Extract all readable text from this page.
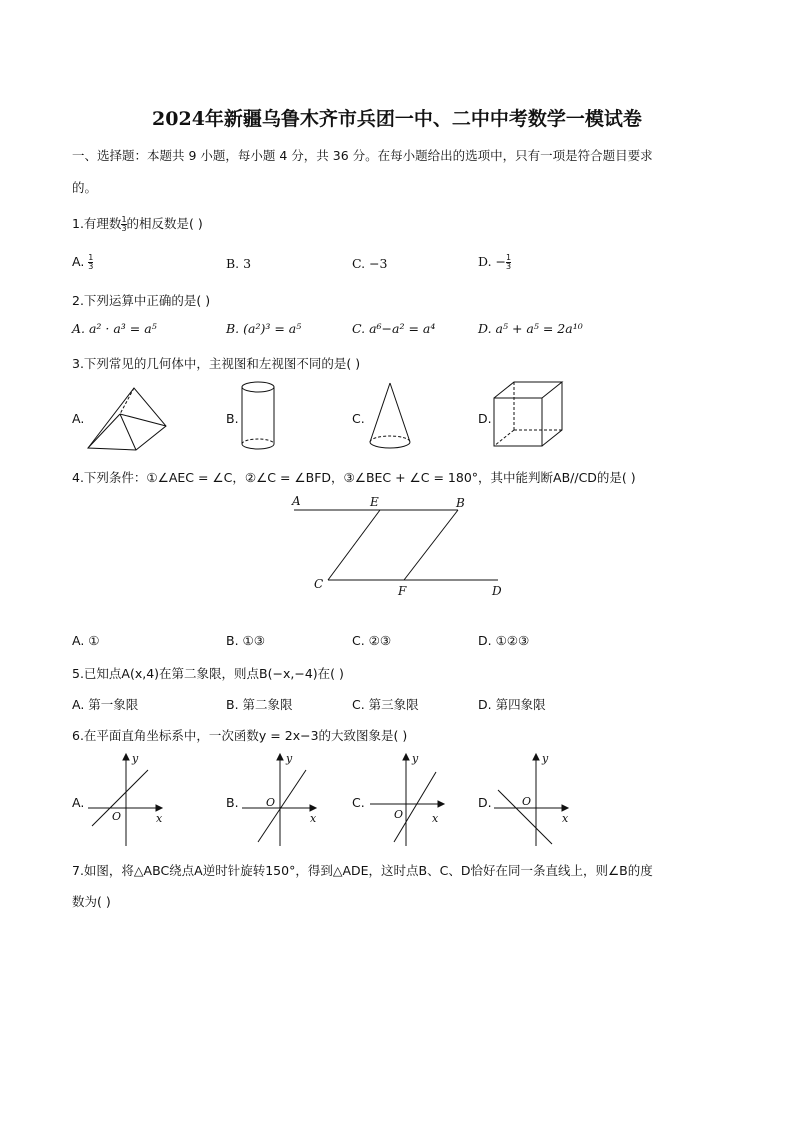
2024年新疆乌鲁木齐市兵团一中、二中中考数学一模试卷
一、选择题：本题共 9 小题，每小题 4 分，共 36 分。在每小题给出的选项中，只有一项是符合题目要求
的。
1.有理数 $\frac{1}{3}$ 的相反数是( )
A. $\frac{1}{3}$	B. 3	C. −3	D. − $\frac{1}{3}$
2.下列运算中正确的是( )
A. a² · a³ = a⁵	B. (a²)³ = a⁵	C. a⁶−a² = a⁴	D. a⁵ + a⁵ = 2a¹⁰
3.下列常见的几何体中，主视图和左视图不同的是( )
A.	B.	C.	D.
4.下列条件：①∠AEC = ∠C，②∠C = ∠BFD，③∠BEC + ∠C = 180°，其中能判断AB//CD的是( )
A	E	B
C	F	D
A. ①	B. ①③	C. ②③	D. ①②③
5.已知点A(x,4)在第二象限，则点B(−x,−4)在( )
A. 第一象限	B. 第二象限	C. 第三象限	D. 第四象限
6.在平面直角坐标系中，一次函数y = 2x−3的大致图象是( )
A.
y
x
O
B.
y
x
O	C.
y
x
O
D.
y
x
O
7.如图，将△ABC绕点A逆时针旋转150°，得到△ADE，这时点B、C、D恰好在同一条直线上，则∠B的度
数为( )
